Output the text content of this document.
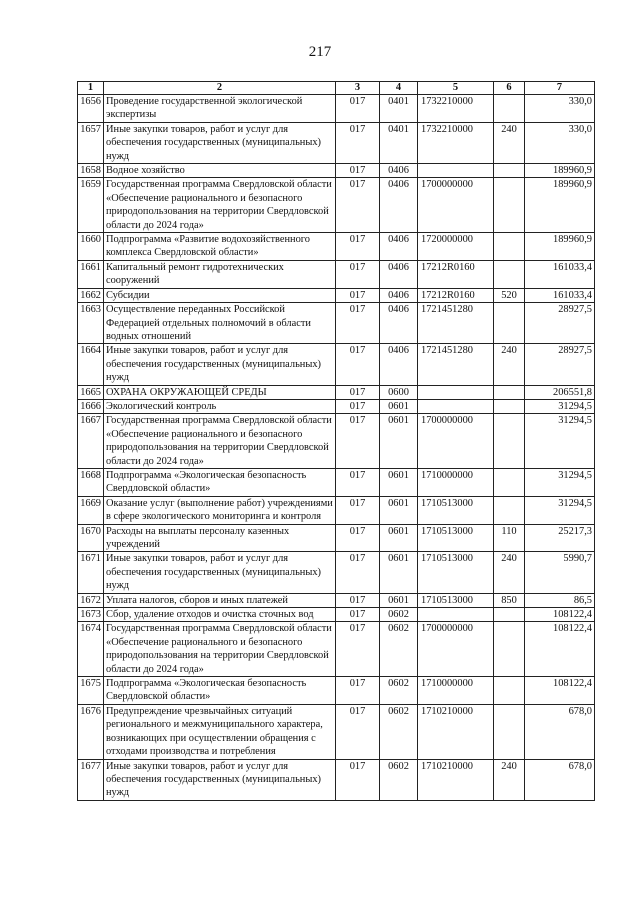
217
1	2	3	4	5	6	7
1656	Проведение государственной экологической экспертизы	017	0401	1732210000		330,0
1657	Иные закупки товаров, работ и услуг для обеспечения государственных (муниципальных) нужд	017	0401	1732210000	240	330,0
1658	Водное хозяйство	017	0406			189960,9
1659	Государственная программа Свердловской области «Обеспечение рационального и безопасного природопользования на территории Свердловской области до 2024 года»	017	0406	1700000000		189960,9
1660	Подпрограмма «Развитие водохозяйственного комплекса Свердловской области»	017	0406	1720000000		189960,9
1661	Капитальный ремонт гидротехнических сооружений	017	0406	17212R0160		161033,4
1662	Субсидии	017	0406	17212R0160	520	161033,4
1663	Осуществление переданных Российской Федерацией отдельных полномочий в области водных отношений	017	0406	1721451280		28927,5
1664	Иные закупки товаров, работ и услуг для обеспечения государственных (муниципальных) нужд	017	0406	1721451280	240	28927,5
1665	ОХРАНА ОКРУЖАЮЩЕЙ СРЕДЫ	017	0600			206551,8
1666	Экологический контроль	017	0601			31294,5
1667	Государственная программа Свердловской области «Обеспечение рационального и безопасного природопользования на территории Свердловской области до 2024 года»	017	0601	1700000000		31294,5
1668	Подпрограмма «Экологическая безопасность Свердловской области»	017	0601	1710000000		31294,5
1669	Оказание услуг (выполнение работ) учреждениями в сфере экологического мониторинга и контроля	017	0601	1710513000		31294,5
1670	Расходы на выплаты персоналу казенных учреждений	017	0601	1710513000	110	25217,3
1671	Иные закупки товаров, работ и услуг для обеспечения государственных (муниципальных) нужд	017	0601	1710513000	240	5990,7
1672	Уплата налогов, сборов и иных платежей	017	0601	1710513000	850	86,5
1673	Сбор, удаление отходов и очистка сточных вод	017	0602			108122,4
1674	Государственная программа Свердловской области «Обеспечение рационального и безопасного природопользования на территории Свердловской области до 2024 года»	017	0602	1700000000		108122,4
1675	Подпрограмма «Экологическая безопасность Свердловской области»	017	0602	1710000000		108122,4
1676	Предупреждение чрезвычайных ситуаций регионального и межмуниципального характера, возникающих при осуществлении обращения с отходами производства и потребления	017	0602	1710210000		678,0
1677	Иные закупки товаров, работ и услуг для обеспечения государственных (муниципальных) нужд	017	0602	1710210000	240	678,0
